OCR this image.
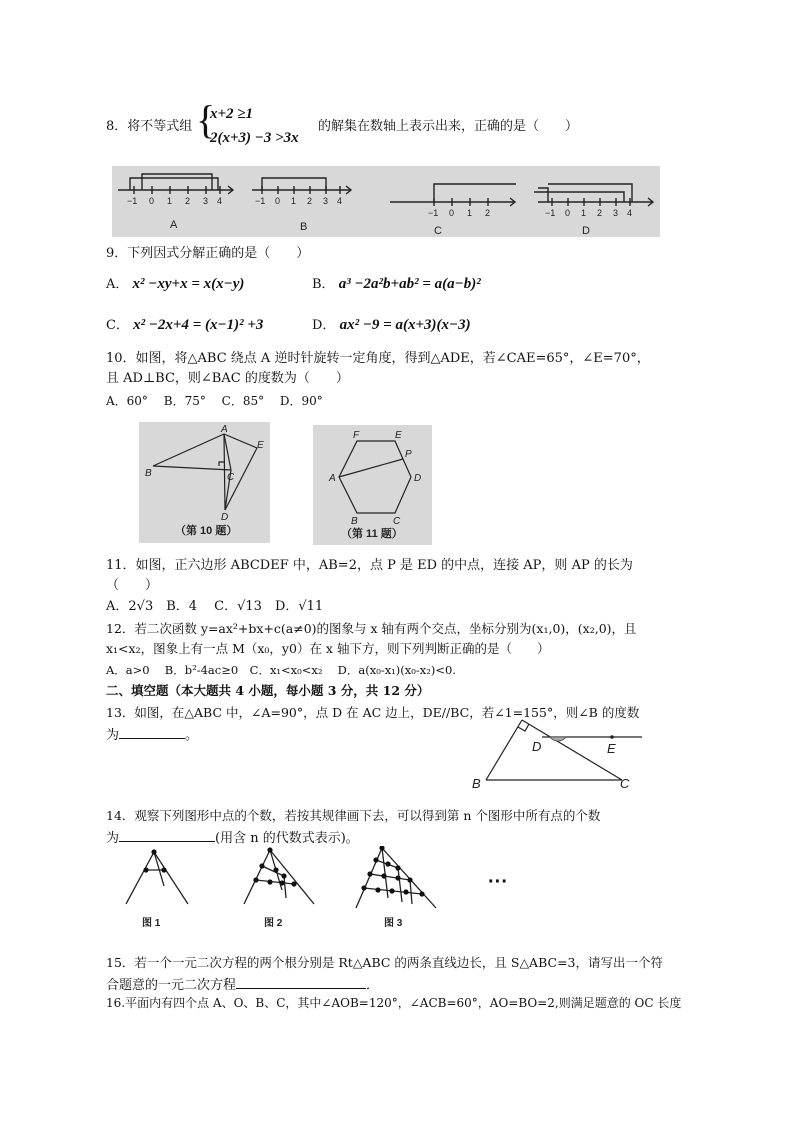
8．将不等式组 {
x+2 ≥1
2(x+3) −3 >3x
的解集在数轴上表示出来，正确的是（　　）
−1 0 1 2 3 4	−1 0 1 2 3 4
−1 0 1 2	−1 0 1 2 3 4
A	B	C	D
9．下列因式分解正确的是（　　）
A． x² −xy+x = x(x−y)	B． a³ −2a²b+ab² = a(a−b)²
C． x² −2x+4 = (x−1)² +3	D． ax² −9 = a(x+3)(x−3)
10．如图，将△ABC 绕点 A 逆时针旋转一定角度，得到△ADE，若∠CAE=65°，∠E=70°，
且 AD⊥BC，则∠BAC 的度数为（　　）
A．60°　 B．75°　 C．85°　 D．90°
A
E
B	C
D
（第 10 题）
F	E
P
A	D
B	C
（第 11 题）
11．如图，正六边形 ABCDEF 中，AB=2，点 P 是 ED 的中点，连接 AP，则 AP 的长为
（　　）
A．2√3　B．4　 C．√13　D．√11
12．若二次函数 y=ax²+bx+c(a≠0)的图象与 x 轴有两个交点，坐标分别为(x₁,0)，(x₂,0)，且
x₁<x₂，图象上有一点 M（x₀，y0）在 x 轴下方，则下列判断正确的是（　　）
A．a>0　 B．b²-4ac≥0　C．x₁<x₀<x₂　 D．a(x₀-x₁)(x₀-x₂)<0.
二、填空题（本大题共 4 小题，每小题 3 分，共 12 分）
13．如图，在△ABC 中，∠A=90°，点 D 在 AC 边上，DE//BC，若∠1=155°，则∠B 的度数
为	。
D	E
B	C
14．观察下列图形中点的个数，若按其规律画下去，可以得到第 n 个图形中所有点的个数
为	(用含 n 的代数式表示)。
图 1	图 2	图 3
···
15．若一个一元二次方程的两个根分别是 Rt△ABC 的两条直线边长，且 S△ABC=3，请写出一个符
合题意的一元二次方程	．
16.平面内有四个点 A、O、B、C，其中∠AOB=120°，∠ACB=60°，AO=BO=2,则满足题意的 OC 长度
